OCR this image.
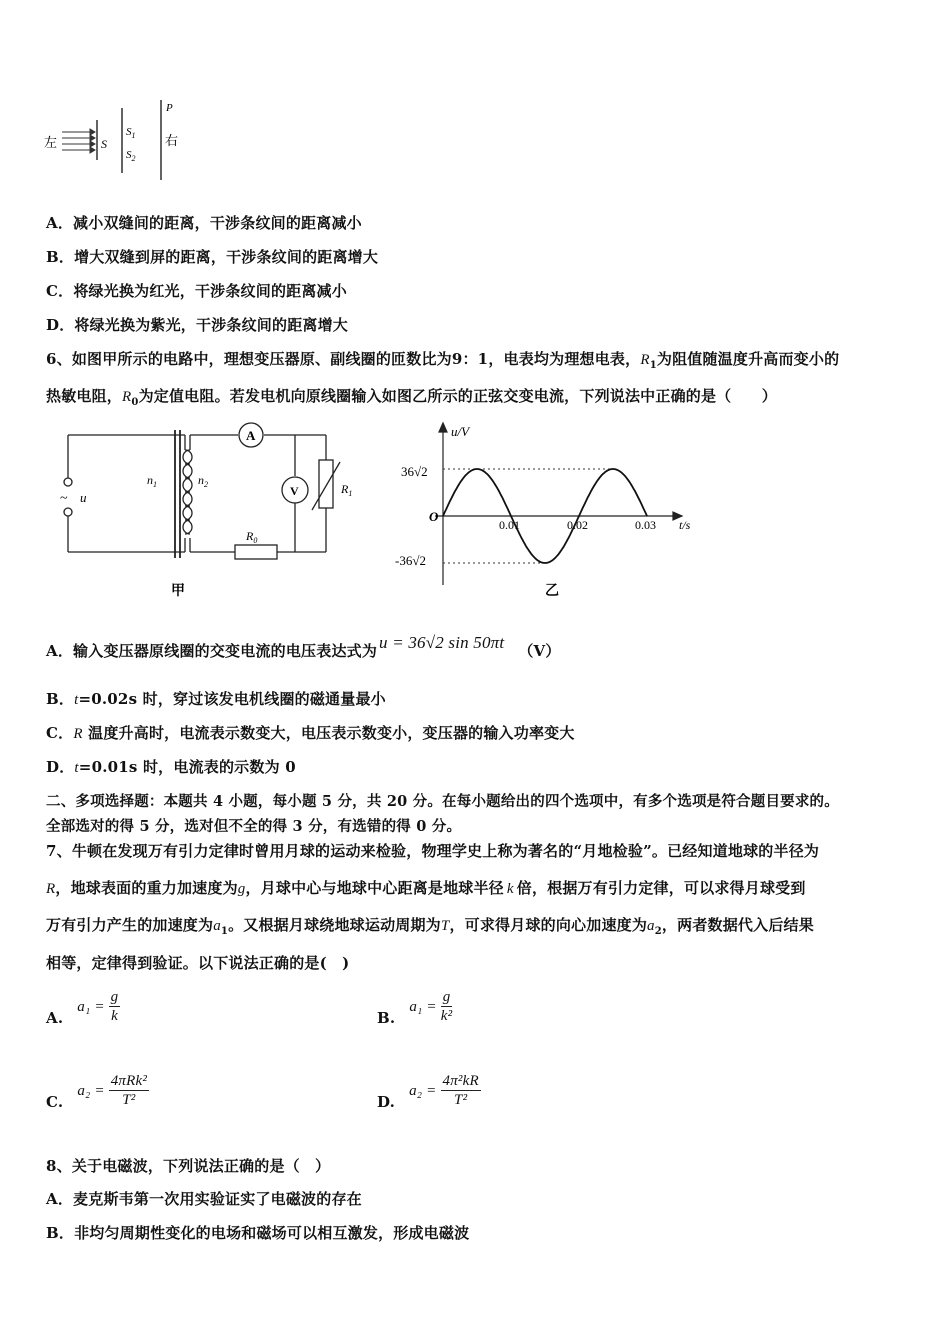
左	S
$S_1$
$S_2$
P
右
A．减小双缝间的距离，干涉条纹间的距离减小
B．增大双缝到屏的距离，干涉条纹间的距离增大
C．将绿光换为红光，干涉条纹间的距离减小
D．将绿光换为紫光，干涉条纹间的距离增大
6、如图甲所示的电路中，理想变压器原、副线圈的匝数比为9：1，电表均为理想电表，$R_1$为阻值随温度升高而变小的
热敏电阻，$R_0$为定值电阻。若发电机向原线圈输入如图乙所示的正弦交变电流，下列说法中正确的是（　　）
A
V
~ u
$n_1$	$n_2$	$R_1$
$R_0$
甲
u/V
O
36√2
-36√2
0.01	0.02	0.03 t/s
乙
A．输入变压器原线圈的交变电流的电压表达式为 u = 36√2 sin 50πt （V）
B．t=0.02s 时，穿过该发电机线圈的磁通量最小
C．R 温度升高时，电流表示数变大，电压表示数变小，变压器的输入功率变大
D．t=0.01s 时，电流表的示数为 0
二、多项选择题：本题共 4 小题，每小题 5 分，共 20 分。在每小题给出的四个选项中，有多个选项是符合题目要求的。
全部选对的得 5 分，选对但不全的得 3 分，有选错的得 0 分。
7、牛顿在发现万有引力定律时曾用月球的运动来检验，物理学史上称为著名的“月地检验”。已经知道地球的半径为
R，地球表面的重力加速度为g，月球中心与地球中心距离是地球半径 k 倍，根据万有引力定律，可以求得月球受到
万有引力产生的加速度为$a_1$。又根据月球绕地球运动周期为T，可求得月球的向心加速度为$a_2$，两者数据代入后结果
相等，定律得到验证。以下说法正确的是(　)
$A.a_1 = \frac{g}{k}$	$B.a_1 = \frac{g}{\text{k²}}$
$C.a_2 = \frac{\text{4πRk²}}{\text{T²}}$	$D.a_2 = \frac{\text{4π²kR}}{\text{T²}}$
8、关于电磁波，下列说法正确的是（　）
A．麦克斯韦第一次用实验证实了电磁波的存在
B．非均匀周期性变化的电场和磁场可以相互激发，形成电磁波
